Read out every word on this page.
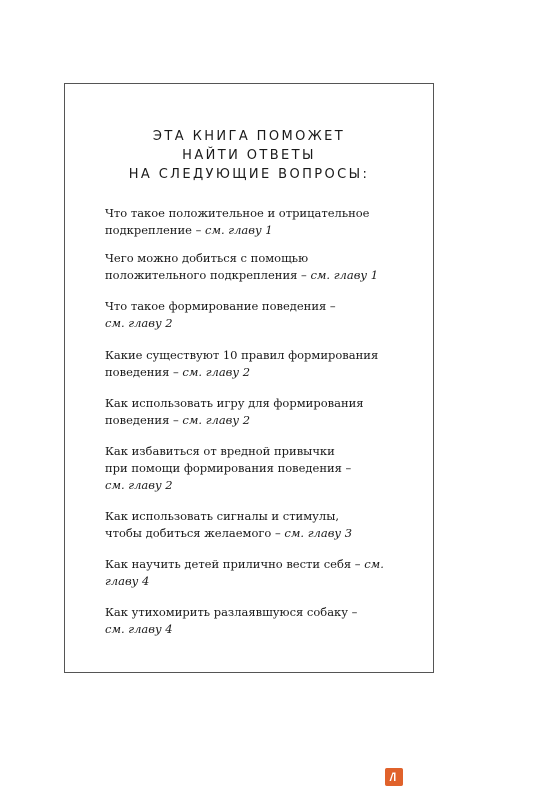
ЭТА КНИГА ПОМОЖЕТ
НАЙТИ ОТВЕТЫ
НА СЛЕДУЮЩИЕ ВОПРОСЫ:
Что такое положительное и отрицательное
подкрепление – см. главу 1
Чего можно добиться с помощью
положительного подкрепления – см. главу 1
Что такое формирование поведения –
см. главу 2
Какие существуют 10 правил формирования
поведения – см. главу 2
Как использовать игру для формирования
поведения – см. главу 2
Как избавиться от вредной привычки
при помощи формирования поведения –
см. главу 2
Как использовать сигналы и стимулы,
чтобы добиться желаемого – см. главу 3
Как научить детей прилично вести себя – см.
главу 4
Как утихомирить разлаявшуюся собаку –
см. главу 4
